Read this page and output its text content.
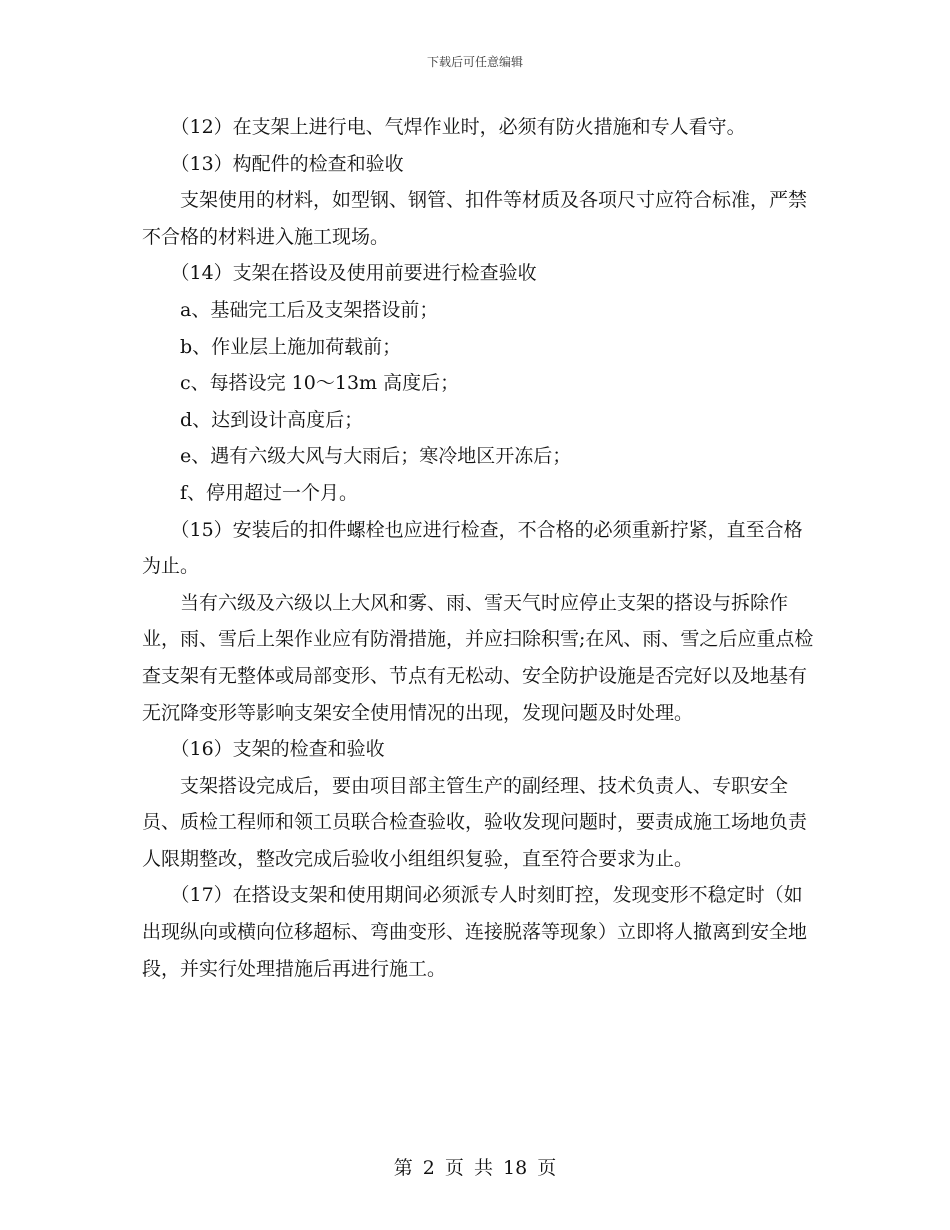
下载后可任意编辑

（12）在支架上进行电、气焊作业时，必须有防火措施和专人看守。

（13）构配件的检查和验收

支架使用的材料，如型钢、钢管、扣件等材质及各项尺寸应符合标准，严禁不合格的材料进入施工现场。

（14）支架在搭设及使用前要进行检查验收

a、基础完工后及支架搭设前；

b、作业层上施加荷载前；

c、每搭设完 10～13m 高度后；

d、达到设计高度后；

e、遇有六级大风与大雨后；寒冷地区开冻后；

f、停用超过一个月。

（15）安装后的扣件螺栓也应进行检查，不合格的必须重新拧紧，直至合格为止。

当有六级及六级以上大风和雾、雨、雪天气时应停止支架的搭设与拆除作业，雨、雪后上架作业应有防滑措施，并应扫除积雪;在风、雨、雪之后应重点检查支架有无整体或局部变形、节点有无松动、安全防护设施是否完好以及地基有无沉降变形等影响支架安全使用情况的出现，发现问题及时处理。

（16）支架的检查和验收

支架搭设完成后，要由项目部主管生产的副经理、技术负责人、专职安全员、质检工程师和领工员联合检查验收，验收发现问题时，要责成施工场地负责人限期整改，整改完成后验收小组组织复验，直至符合要求为止。

（17）在搭设支架和使用期间必须派专人时刻盯控，发现变形不稳定时（如出现纵向或横向位移超标、弯曲变形、连接脱落等现象）立即将人撤离到安全地段，并实行处理措施后再进行施工。

第 2 页 共 18 页
